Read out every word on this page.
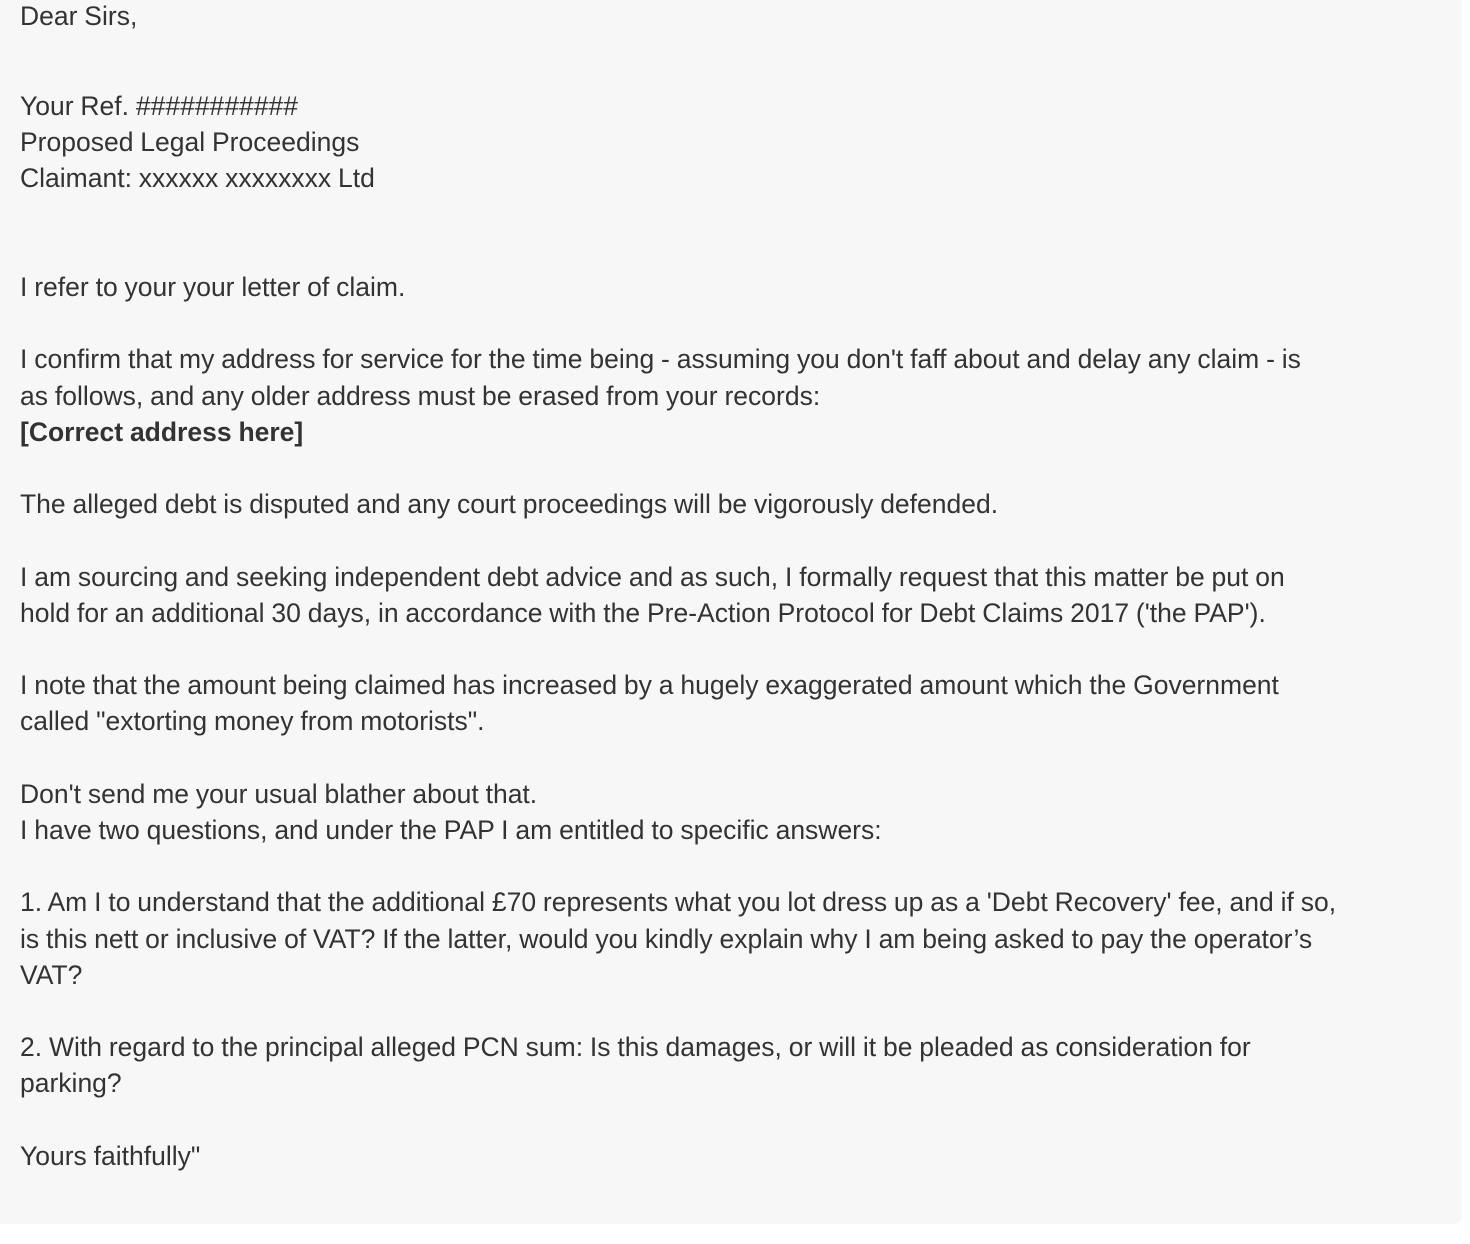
Dear Sirs,
Your Ref. ###########
Proposed Legal Proceedings
Claimant: xxxxxx xxxxxxxx Ltd
I refer to your your letter of claim.
I confirm that my address for service for the time being - assuming you don't faff about and delay any claim - is
as follows, and any older address must be erased from your records:
[Correct address here]
The alleged debt is disputed and any court proceedings will be vigorously defended.
I am sourcing and seeking independent debt advice and as such, I formally request that this matter be put on
hold for an additional 30 days, in accordance with the Pre-Action Protocol for Debt Claims 2017 ('the PAP').
I note that the amount being claimed has increased by a hugely exaggerated amount which the Government
called "extorting money from motorists".
Don't send me your usual blather about that.
I have two questions, and under the PAP I am entitled to specific answers:
1. Am I to understand that the additional £70 represents what you lot dress up as a 'Debt Recovery' fee, and if so,
is this nett or inclusive of VAT? If the latter, would you kindly explain why I am being asked to pay the operator’s
VAT?
2. With regard to the principal alleged PCN sum: Is this damages, or will it be pleaded as consideration for
parking?
Yours faithfully"
